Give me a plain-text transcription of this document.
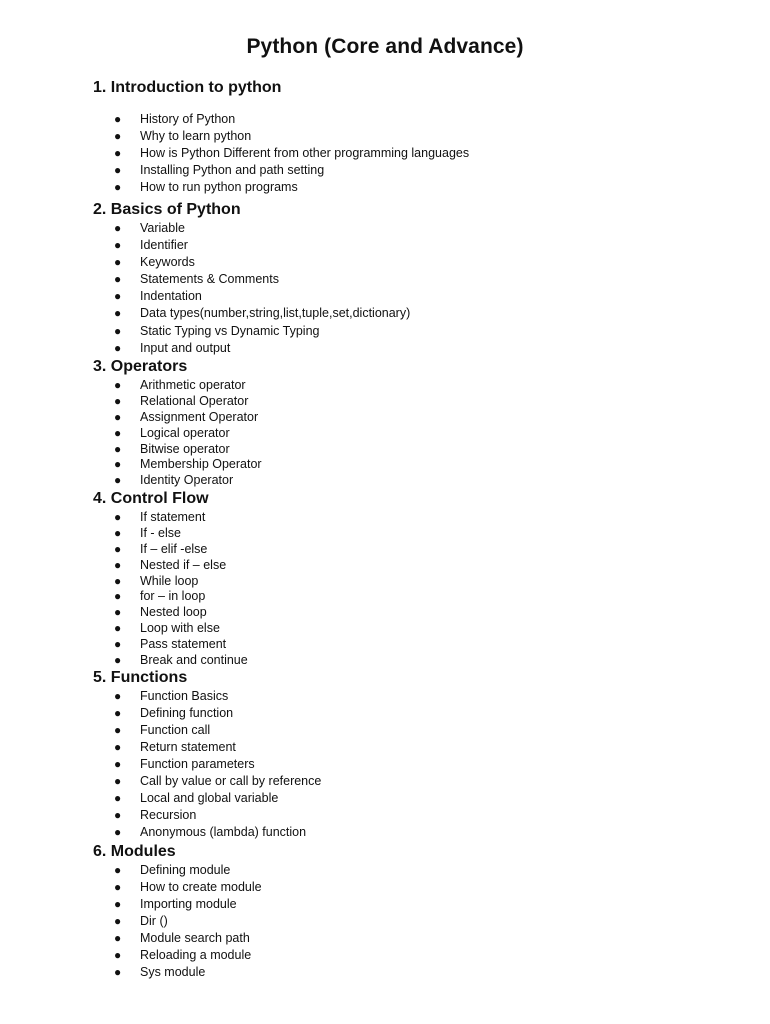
Python (Core and Advance)
1. Introduction to python
● History of Python
● Why to learn python
● How is Python Different from other programming languages
● Installing Python and path setting
● How to run python programs
2. Basics of Python
● Variable
● Identifier
● Keywords
● Statements & Comments
● Indentation
● Data types(number,string,list,tuple,set,dictionary)
● Static Typing vs Dynamic Typing
● Input and output
3. Operators
● Arithmetic operator
● Relational Operator
● Assignment Operator
● Logical operator
● Bitwise operator
● Membership Operator
● Identity Operator
4. Control Flow
● If statement
● If - else
● If – elif -else
● Nested if – else
● While loop
● for – in loop
● Nested loop
● Loop with else
● Pass statement
● Break and continue
5. Functions
● Function Basics
● Defining function
● Function call
● Return statement
● Function parameters
● Call by value or call by reference
● Local and global variable
● Recursion
● Anonymous (lambda) function
6. Modules
● Defining module
● How to create module
● Importing module
● Dir ()
● Module search path
● Reloading a module
● Sys module
